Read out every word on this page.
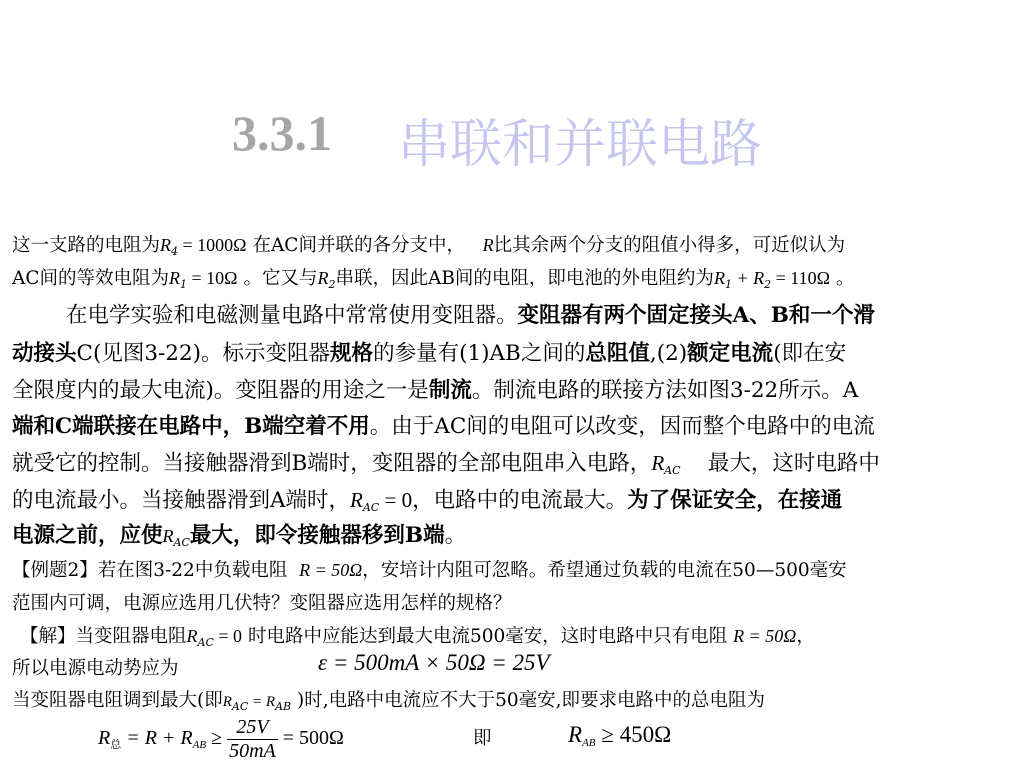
3.3.1 串联和并联电路
这一支路的电阻为$R_4 = 1000\Omega$ 在AC间并联的各分支中， R比其余两个分支的阻值小得多，可近似认为
AC间的等效电阻为$R_1 = 10\Omega$ 。它又与$R_2$串联，因此AB间的电阻，即电池的外电阻约为$R_1 + R_2 = 110\Omega$ 。
在电学实验和电磁测量电路中常常使用变阻器。变阻器有两个固定接头A、B和一个滑
动接头C(见图3-22)。标示变阻器规格的参量有(1)AB之间的总阻值,(2)额定电流(即在安
全限度内的最大电流)。变阻器的用途之一是制流。制流电路的联接方法如图3-22所示。A
端和C端联接在电路中，B端空着不用。由于AC间的电阻可以改变，因而整个电路中的电流
就受它的控制。当接触器滑到B端时，变阻器的全部电阻串入电路，$R_{AC}$ 最大，这时电路中
的电流最小。当接触器滑到A端时，$R_{AC} = 0$，电路中的电流最大。为了保证安全，在接通
电源之前，应使$R_{AC}$最大，即令接触器移到B端。
【例题2】若在图3-22中负载电阻 R = 50Ω，安培计内阻可忽略。希望通过负载的电流在50—500毫安
范围内可调，电源应选用几伏特？变阻器应选用怎样的规格？
【解】当变阻器电阻$R_{AC} = 0$ 时电路中应能达到最大电流500毫安，这时电路中只有电阻 R = 50Ω，
所以电源电动势应为	ε = 500mA × 50Ω = 25V
当变阻器电阻调到最大(即$R_{AC} = R_{AB}$ )时,电路中电流应不大于50毫安,即要求电路中的总电阻为
$R_总 = R + R_{AB} \ge \frac{25V}{50mA} = 500\Omega$	即	$R_{AB} \ge 450\Omega$
